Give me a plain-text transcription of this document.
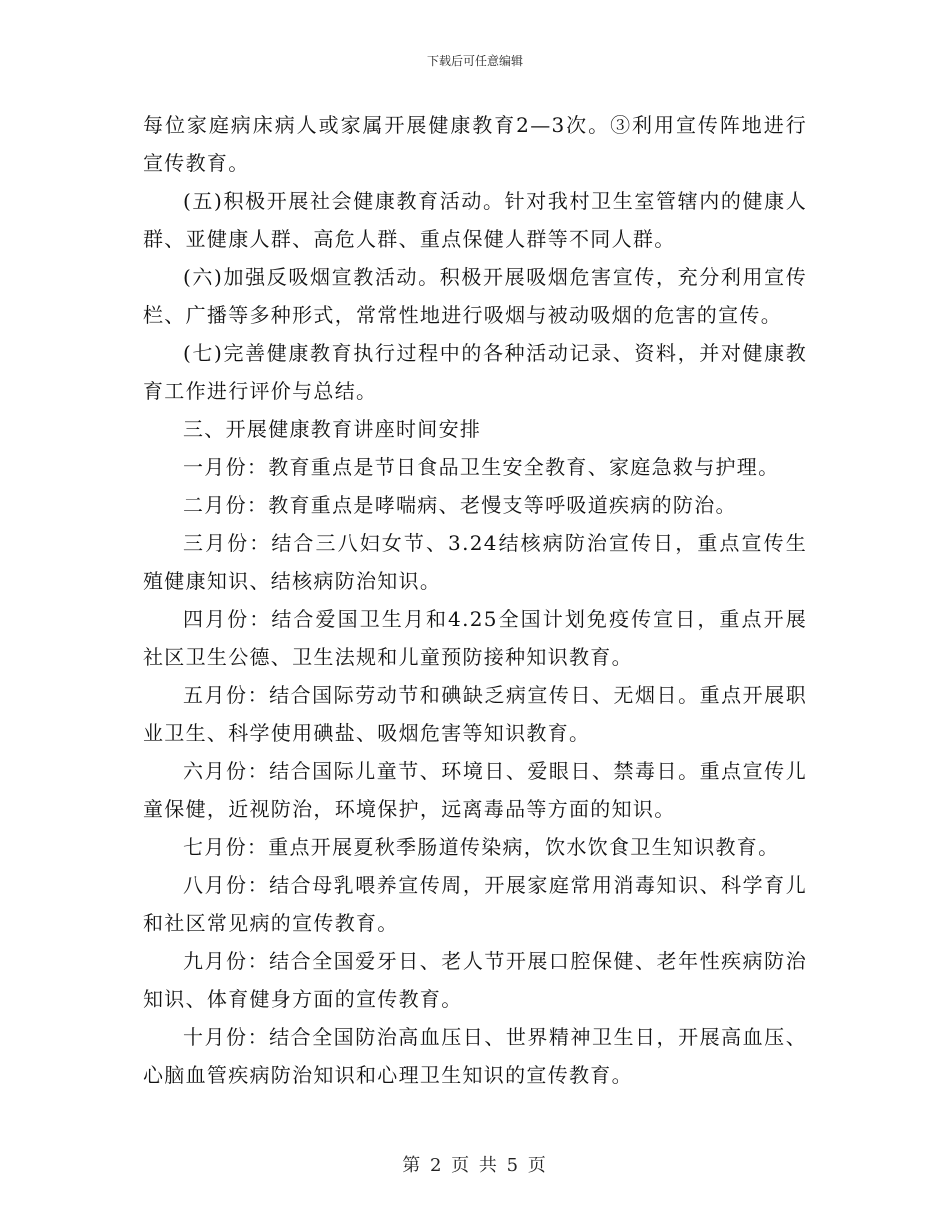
下载后可任意编辑

每位家庭病床病人或家属开展健康教育2—3次。③利用宣传阵地进行宣传教育。

(五)积极开展社会健康教育活动。针对我村卫生室管辖内的健康人群、亚健康人群、高危人群、重点保健人群等不同人群。

(六)加强反吸烟宣教活动。积极开展吸烟危害宣传，充分利用宣传栏、广播等多种形式，常常性地进行吸烟与被动吸烟的危害的宣传。

(七)完善健康教育执行过程中的各种活动记录、资料，并对健康教育工作进行评价与总结。

三、开展健康教育讲座时间安排

一月份：教育重点是节日食品卫生安全教育、家庭急救与护理。

二月份：教育重点是哮喘病、老慢支等呼吸道疾病的防治。

三月份：结合三八妇女节、3.24结核病防治宣传日，重点宣传生殖健康知识、结核病防治知识。

四月份：结合爱国卫生月和4.25全国计划免疫传宣日，重点开展社区卫生公德、卫生法规和儿童预防接种知识教育。

五月份：结合国际劳动节和碘缺乏病宣传日、无烟日。重点开展职业卫生、科学使用碘盐、吸烟危害等知识教育。

六月份：结合国际儿童节、环境日、爱眼日、禁毒日。重点宣传儿童保健，近视防治，环境保护，远离毒品等方面的知识。

七月份：重点开展夏秋季肠道传染病，饮水饮食卫生知识教育。

八月份：结合母乳喂养宣传周，开展家庭常用消毒知识、科学育儿和社区常见病的宣传教育。

九月份：结合全国爱牙日、老人节开展口腔保健、老年性疾病防治知识、体育健身方面的宣传教育。

十月份：结合全国防治高血压日、世界精神卫生日，开展高血压、心脑血管疾病防治知识和心理卫生知识的宣传教育。

第 2 页 共 5 页
